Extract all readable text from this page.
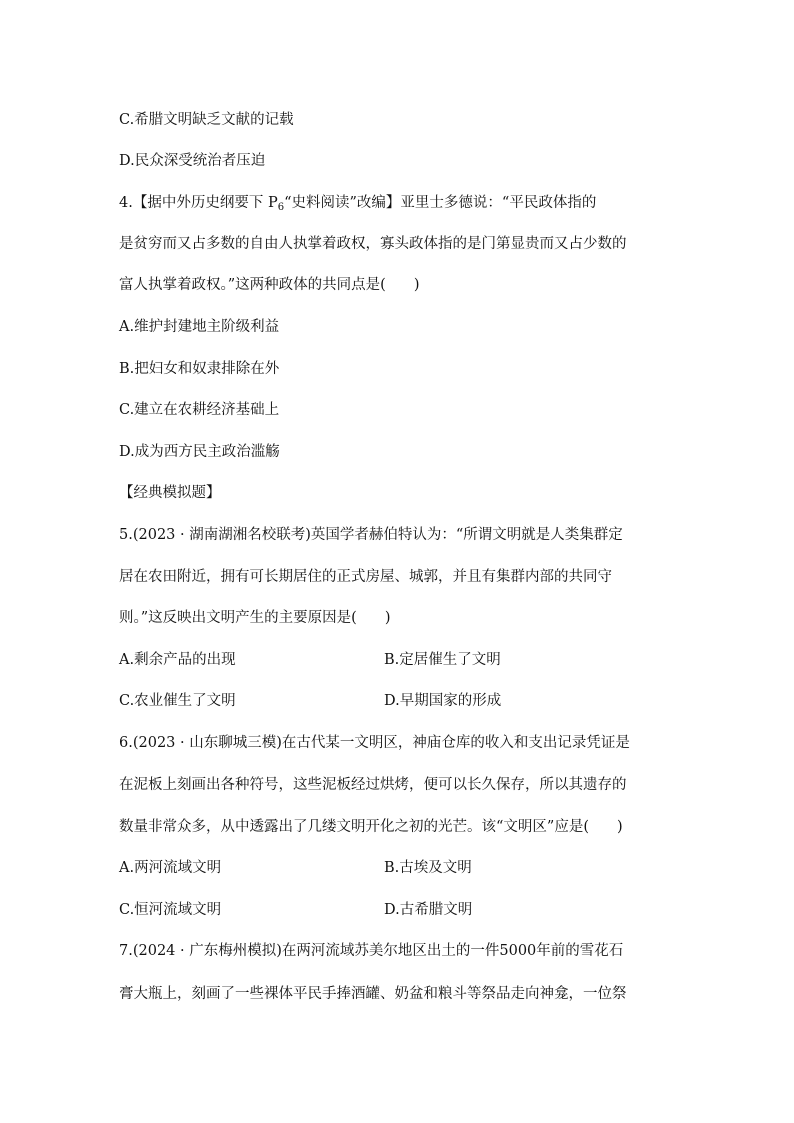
C.希腊文明缺乏文献的记载
D.民众深受统治者压迫
4.【据中外历史纲要下 $P_6“$史料阅读”改编】亚里士多德说：“平民政体指的
是贫穷而又占多数的自由人执掌着政权，寡头政体指的是门第显贵而又占少数的
富人执掌着政权。”这两种政体的共同点是( )
A.维护封建地主阶级利益
B.把妇女和奴隶排除在外
C.建立在农耕经济基础上
D.成为西方民主政治滥觞
【经典模拟题】
5.(2023 · 湖南湖湘名校联考)英国学者赫伯特认为：“所谓文明就是人类集群定
居在农田附近，拥有可长期居住的正式房屋、城郭，并且有集群内部的共同守
则。”这反映出文明产生的主要原因是( )
A.剩余产品的出现	B.定居催生了文明
C.农业催生了文明	D.早期国家的形成
6.(2023 · 山东聊城三模)在古代某一文明区，神庙仓库的收入和支出记录凭证是
在泥板上刻画出各种符号，这些泥板经过烘烤，便可以长久保存，所以其遗存的
数量非常众多，从中透露出了几缕文明开化之初的光芒。该“文明区”应是( )
A.两河流域文明	B.古埃及文明
C.恒河流域文明	D.古希腊文明
7.(2024 · 广东梅州模拟)在两河流域苏美尔地区出土的一件5000年前的雪花石
膏大瓶上，刻画了一些裸体平民手捧酒罐、奶盆和粮斗等祭品走向神龛，一位祭
